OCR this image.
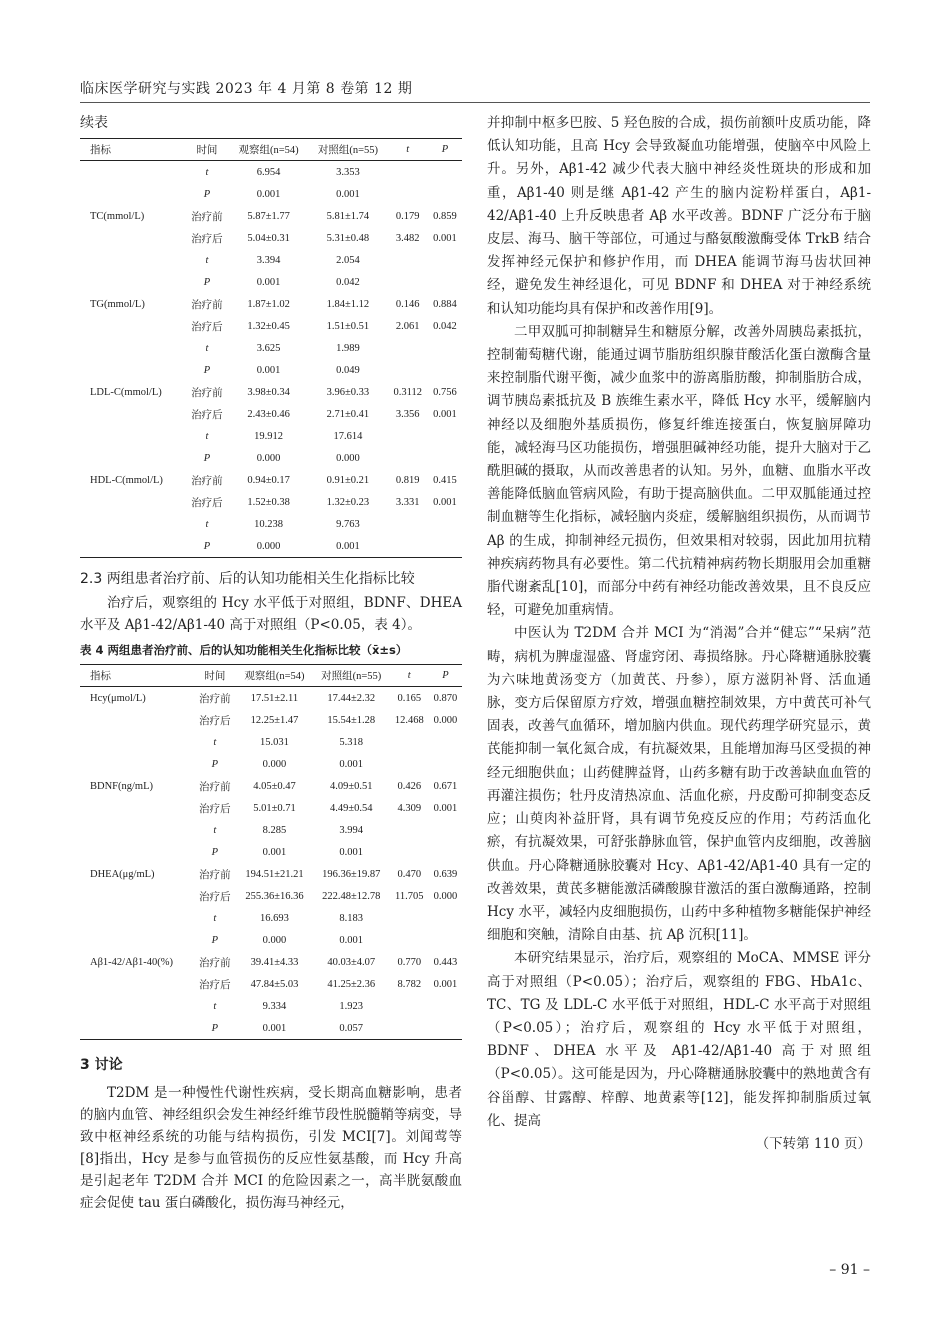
临床医学研究与实践 2023 年 4 月第 8 卷第 12 期
续表
指标	时间	观察组(n=54)	对照组(n=55)	t	P
	t	6.954	3.353		
	P	0.001	0.001		
TC(mmol/L)	治疗前	5.87±1.77	5.81±1.74	0.179	0.859
	治疗后	5.04±0.31	5.31±0.48	3.482	0.001
	t	3.394	2.054		
	P	0.001	0.042		
TG(mmol/L)	治疗前	1.87±1.02	1.84±1.12	0.146	0.884
	治疗后	1.32±0.45	1.51±0.51	2.061	0.042
	t	3.625	1.989		
	P	0.001	0.049		
LDL-C(mmol/L)	治疗前	3.98±0.34	3.96±0.33	0.3112	0.756
	治疗后	2.43±0.46	2.71±0.41	3.356	0.001
	t	19.912	17.614		
	P	0.000	0.000		
HDL-C(mmol/L)	治疗前	0.94±0.17	0.91±0.21	0.819	0.415
	治疗后	1.52±0.38	1.32±0.23	3.331	0.001
	t	10.238	9.763		
	P	0.000	0.001		
2.3 两组患者治疗前、后的认知功能相关生化指标比较

治疗后，观察组的 Hcy 水平低于对照组，BDNF、DHEA 水平及 Aβ1-42/Aβ1-40 高于对照组（P<0.05，表 4）。

表 4 两组患者治疗前、后的认知功能相关生化指标比较（x̄±s）
指标	时间	观察组(n=54)	对照组(n=55)	t	P
Hcy(μmol/L)	治疗前	17.51±2.11	17.44±2.32	0.165	0.870
	治疗后	12.25±1.47	15.54±1.28	12.468	0.000
	t	15.031	5.318		
	P	0.000	0.001		
BDNF(ng/mL)	治疗前	4.05±0.47	4.09±0.51	0.426	0.671
	治疗后	5.01±0.71	4.49±0.54	4.309	0.001
	t	8.285	3.994		
	P	0.001	0.001		
DHEA(μg/mL)	治疗前	194.51±21.21	196.36±19.87	0.470	0.639
	治疗后	255.36±16.36	222.48±12.78	11.705	0.000
	t	16.693	8.183		
	P	0.000	0.001		
Aβ1-42/Aβ1-40(%)	治疗前	39.41±4.33	40.03±4.07	0.770	0.443
	治疗后	47.84±5.03	41.25±2.36	8.782	0.001
	t	9.334	1.923		
	P	0.001	0.057		
3 讨论

T2DM 是一种慢性代谢性疾病，受长期高血糖影响，患者的脑内血管、神经组织会发生神经纤维节段性脱髓鞘等病变，导致中枢神经系统的功能与结构损伤，引发 MCI[7]。刘闻莺等[8]指出，Hcy 是参与血管损伤的反应性氨基酸，而 Hcy 升高是引起老年 T2DM 合并 MCI 的危险因素之一，高半胱氨酸血症会促使 tau 蛋白磷酸化，损伤海马神经元，

并抑制中枢多巴胺、5 羟色胺的合成，损伤前额叶皮质功能，降低认知功能，且高 Hcy 会导致凝血功能增强，使脑卒中风险上升。另外，Aβ1-42 减少代表大脑中神经炎性斑块的形成和加重，Aβ1-40 则是继 Aβ1-42 产生的脑内淀粉样蛋白，Aβ1-42/Aβ1-40 上升反映患者 Aβ 水平改善。BDNF 广泛分布于脑皮层、海马、脑干等部位，可通过与酪氨酸激酶受体 TrkB 结合发挥神经元保护和修护作用，而 DHEA 能调节海马齿状回神经，避免发生神经退化，可见 BDNF 和 DHEA 对于神经系统和认知功能均具有保护和改善作用[9]。

二甲双胍可抑制糖异生和糖原分解，改善外周胰岛素抵抗，控制葡萄糖代谢，能通过调节脂肪组织腺苷酸活化蛋白激酶含量来控制脂代谢平衡，减少血浆中的游离脂肪酸，抑制脂肪合成，调节胰岛素抵抗及 B 族维生素水平，降低 Hcy 水平，缓解脑内神经以及细胞外基质损伤，修复纤维连接蛋白，恢复脑屏障功能，减轻海马区功能损伤，增强胆碱神经功能，提升大脑对于乙酰胆碱的摄取，从而改善患者的认知。另外，血糖、血脂水平改善能降低脑血管病风险，有助于提高脑供血。二甲双胍能通过控制血糖等生化指标，减轻脑内炎症，缓解脑组织损伤，从而调节 Aβ 的生成，抑制神经元损伤，但效果相对较弱，因此加用抗精神疾病药物具有必要性。第二代抗精神病药物长期服用会加重糖脂代谢紊乱[10]，而部分中药有神经功能改善效果，且不良反应轻，可避免加重病情。

中医认为 T2DM 合并 MCI 为“消渴”合并“健忘”“呆病”范畴，病机为脾虚湿盛、肾虚窍闭、毒损络脉。丹心降糖通脉胶囊为六味地黄汤变方（加黄芪、丹参），原方滋阴补肾、活血通脉，变方后保留原方疗效，增强血糖控制效果，方中黄芪可补气固表，改善气血循环，增加脑内供血。现代药理学研究显示，黄芪能抑制一氧化氮合成，有抗凝效果，且能增加海马区受损的神经元细胞供血；山药健脾益肾，山药多糖有助于改善缺血血管的再灌注损伤；牡丹皮清热凉血、活血化瘀，丹皮酚可抑制变态反应；山萸肉补益肝肾，具有调节免疫反应的作用；芍药活血化瘀，有抗凝效果，可舒张静脉血管，保护血管内皮细胞，改善脑供血。丹心降糖通脉胶囊对 Hcy、Aβ1-42/Aβ1-40 具有一定的改善效果，黄芪多糖能激活磷酸腺苷激活的蛋白激酶通路，控制 Hcy 水平，减轻内皮细胞损伤，山药中多种植物多糖能保护神经细胞和突触，清除自由基、抗 Aβ 沉积[11]。

本研究结果显示，治疗后，观察组的 MoCA、MMSE 评分高于对照组（P<0.05）；治疗后，观察组的 FBG、HbA1c、TC、TG 及 LDL-C 水平低于对照组，HDL-C 水平高于对照组（P<0.05）；治疗后，观察组的 Hcy 水平低于对照组，BDNF、DHEA 水平及 Aβ1-42/Aβ1-40 高于对照组（P<0.05）。这可能是因为，丹心降糖通脉胶囊中的熟地黄含有谷甾醇、甘露醇、梓醇、地黄素等[12]，能发挥抑制脂质过氧化、提高

（下转第 110 页）
– 91 –
